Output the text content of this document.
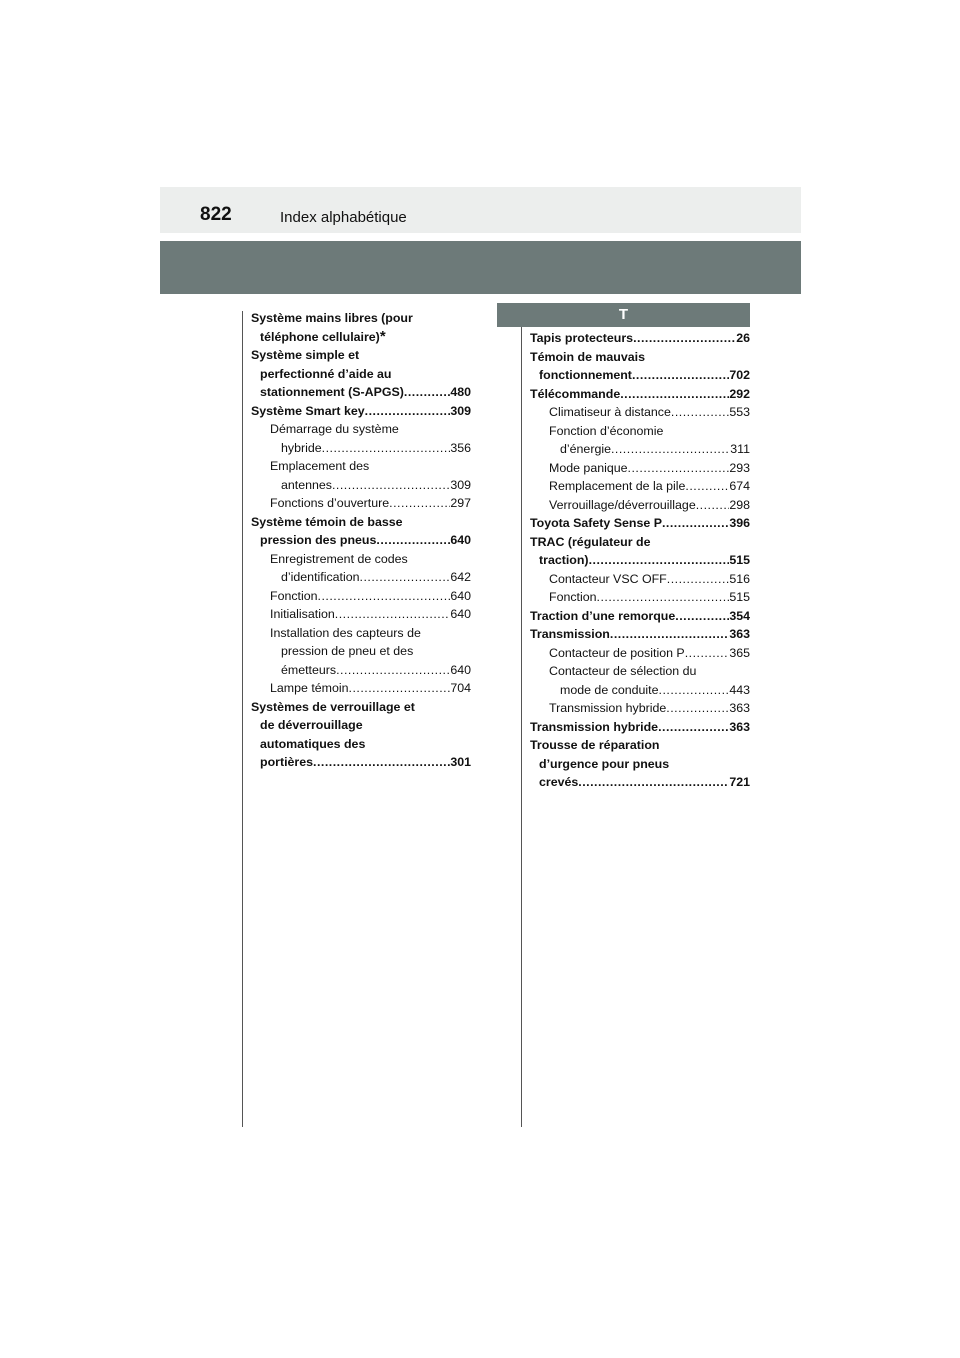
822	Index alphabétique
Système mains libres (pour
téléphone cellulaire) *
Système simple et
perfectionné d’aide au
stationnement (S-APGS) .....	480
Système Smart key .....	309
Démarrage du système
hybride .....	356
Emplacement des
antennes .....	309
Fonctions d’ouverture .....	297
Système témoin de basse
pression des pneus .....	640
Enregistrement de codes
d’identification .....	642
Fonction .....	640
Initialisation .....	640
Installation des capteurs de
pression de pneu et des
émetteurs .....	640
Lampe témoin .....	704
Systèmes de verrouillage et
de déverrouillage
automatiques des
portières .....	301
T
Tapis protecteurs .....	26
Témoin de mauvais
fonctionnement .....	702
Télécommande .....	292
Climatiseur à distance .....	553
Fonction d’économie
d’énergie .....	311
Mode panique .....	293
Remplacement de la pile .....	674
Verrouillage/déverrouillage .....	298
Toyota Safety Sense P .....	396
TRAC (régulateur de
traction) .....	515
Contacteur VSC OFF .....	516
Fonction .....	515
Traction d’une remorque .....	354
Transmission .....	363
Contacteur de position P .....	365
Contacteur de sélection du
mode de conduite .....	443
Transmission hybride .....	363
Transmission hybride .....	363
Trousse de réparation
d’urgence pour pneus
crevés .....	721
